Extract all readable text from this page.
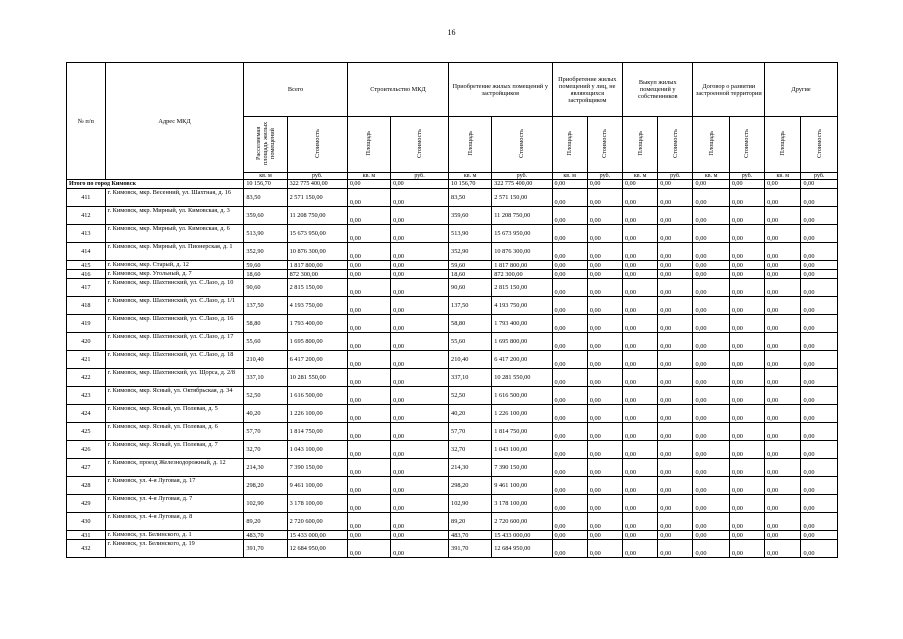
16
№ п/п	Адрес МКД	Всего		Строительство МКД		Приобретение жилых помещений у застройщиков		Приобретение жилых помещений у лиц, не являющихся застройщиком		Выкуп жилых помещений у собственников		Договор о развитии застроенной территории		Другие	
		Расселяемая площадь жилых помещений	Стоимость	Площадь	Стоимость	Площадь	Стоимость	Площадь	Стоимость	Площадь	Стоимость	Площадь	Стоимость	Площадь	Стоимость
		кв. м	руб.	кв. м	руб.	кв. м	руб.	кв. м	руб.	кв. м	руб.	кв. м	руб.	кв. м	руб.
Итого по город Кимовск		10 156,70	322 775 400,00	0,00	0,00	10 156,70	322 775 400,00	0,00	0,00	0,00	0,00	0,00	0,00	0,00	0,00
411	г. Кимовск, мкр. Весенний, ул. Шахтная, д. 16	83,50	2 571 150,00	0,00	0,00	83,50	2 571 150,00	0,00	0,00	0,00	0,00	0,00	0,00	0,00	0,00
412	г. Кимовск, мкр. Мирный, ул. Кимовская, д. 3	359,60	11 208 750,00	0,00	0,00	359,60	11 208 750,00	0,00	0,00	0,00	0,00	0,00	0,00	0,00	0,00
413	г. Кимовск, мкр. Мирный, ул. Кимовская, д. 6	513,90	15 673 950,00	0,00	0,00	513,90	15 673 950,00	0,00	0,00	0,00	0,00	0,00	0,00	0,00	0,00
414	г. Кимовск, мкр. Мирный, ул. Пионерская, д. 1	352,90	10 876 300,00	0,00	0,00	352,90	10 876 300,00	0,00	0,00	0,00	0,00	0,00	0,00	0,00	0,00
415	г. Кимовск, мкр. Старый, д. 12	59,60	1 817 800,00	0,00	0,00	59,60	1 817 800,00	0,00	0,00	0,00	0,00	0,00	0,00	0,00	0,00
416	г. Кимовск, мкр. Угольный, д. 7	18,60	872 300,00	0,00	0,00	18,60	872 300,00	0,00	0,00	0,00	0,00	0,00	0,00	0,00	0,00
417	г. Кимовск, мкр. Шахтинский, ул. С.Лазо, д. 10	90,60	2 815 150,00	0,00	0,00	90,60	2 815 150,00	0,00	0,00	0,00	0,00	0,00	0,00	0,00	0,00
418	г. Кимовск, мкр. Шахтинский, ул. С.Лазо, д. 1/1	137,50	4 193 750,00	0,00	0,00	137,50	4 193 750,00	0,00	0,00	0,00	0,00	0,00	0,00	0,00	0,00
419	г. Кимовск, мкр. Шахтинский, ул. С.Лазо, д. 16	58,80	1 793 400,00	0,00	0,00	58,80	1 793 400,00	0,00	0,00	0,00	0,00	0,00	0,00	0,00	0,00
420	г. Кимовск, мкр. Шахтинский, ул. С.Лазо, д. 17	55,60	1 695 800,00	0,00	0,00	55,60	1 695 800,00	0,00	0,00	0,00	0,00	0,00	0,00	0,00	0,00
421	г. Кимовск, мкр. Шахтинский, ул. С.Лазо, д. 18	210,40	6 417 200,00	0,00	0,00	210,40	6 417 200,00	0,00	0,00	0,00	0,00	0,00	0,00	0,00	0,00
422	г. Кимовск, мкр. Шахтинский, ул. Щорса, д. 2/8	337,10	10 281 550,00	0,00	0,00	337,10	10 281 550,00	0,00	0,00	0,00	0,00	0,00	0,00	0,00	0,00
423	г. Кимовск, мкр. Ясный, ул. Октябрьская, д. 34	52,50	1 616 500,00	0,00	0,00	52,50	1 616 500,00	0,00	0,00	0,00	0,00	0,00	0,00	0,00	0,00
424	г. Кимовск, мкр. Ясный, ул. Полевая, д. 5	40,20	1 226 100,00	0,00	0,00	40,20	1 226 100,00	0,00	0,00	0,00	0,00	0,00	0,00	0,00	0,00
425	г. Кимовск, мкр. Ясный, ул. Полевая, д. 6	57,70	1 814 750,00	0,00	0,00	57,70	1 814 750,00	0,00	0,00	0,00	0,00	0,00	0,00	0,00	0,00
426	г. Кимовск, мкр. Ясный, ул. Полевая, д. 7	32,70	1 043 100,00	0,00	0,00	32,70	1 043 100,00	0,00	0,00	0,00	0,00	0,00	0,00	0,00	0,00
427	г. Кимовск, проезд Железнодорожный, д. 12	214,30	7 390 150,00	0,00	0,00	214,30	7 390 150,00	0,00	0,00	0,00	0,00	0,00	0,00	0,00	0,00
428	г. Кимовск, ул. 4-я Луговая, д. 17	298,20	9 461 100,00	0,00	0,00	298,20	9 461 100,00	0,00	0,00	0,00	0,00	0,00	0,00	0,00	0,00
429	г. Кимовск, ул. 4-я Луговая, д. 7	102,90	3 178 100,00	0,00	0,00	102,90	3 178 100,00	0,00	0,00	0,00	0,00	0,00	0,00	0,00	0,00
430	г. Кимовск, ул. 4-я Луговая, д. 8	89,20	2 720 600,00	0,00	0,00	89,20	2 720 600,00	0,00	0,00	0,00	0,00	0,00	0,00	0,00	0,00
431	г. Кимовск, ул. Белинского, д. 1	483,70	15 433 000,00	0,00	0,00	483,70	15 433 000,00	0,00	0,00	0,00	0,00	0,00	0,00	0,00	0,00
432	г. Кимовск, ул. Белинского, д. 19	391,70	12 684 950,00	0,00	0,00	391,70	12 684 950,00	0,00	0,00	0,00	0,00	0,00	0,00	0,00	0,00
